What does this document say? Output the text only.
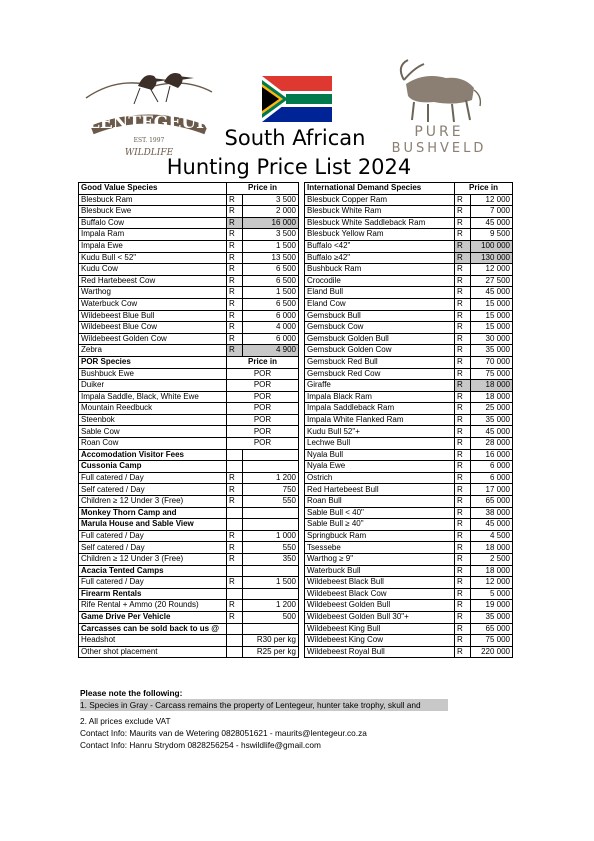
LENTEGEUR
EST. 1997
WILDLIFE
PURE
BUSHVELD
South African
Hunting Price List 2024
Good Value Species	Price in			International Demand Species	Price in	
Blesbuck Ram	R	3 500		Blesbuck Copper Ram	R	12 000
Blesbuck Ewe	R	2 000		Blesbuck White Ram	R	7 000
Buffalo Cow	R	16 000		Blesbuck White Saddleback Ram	R	45 000
Impala Ram	R	3 500		Blesbuck Yellow Ram	R	9 500
Impala Ewe	R	1 500		Buffalo <42"	R	100 000
Kudu Bull < 52"	R	13 500		Buffalo ≥42"	R	130 000
Kudu Cow	R	6 500		Bushbuck Ram	R	12 000
Red Hartebeest Cow	R	6 500		Crocodile	R	27 500
Warthog	R	1 500		Eland Bull	R	45 000
Waterbuck Cow	R	6 500		Eland Cow	R	15 000
Wildebeest Blue Bull	R	6 000		Gemsbuck Bull	R	15 000
Wildebeest Blue Cow	R	4 000		Gemsbuck Cow	R	15 000
Wildebeest Golden Cow	R	6 000		Gemsbuck Golden Bull	R	30 000
Zebra	R	4 900		Gemsbuck Golden Cow	R	35 000
POR Species	Price in			Gemsbuck Red Bull	R	70 000
Bushbuck Ewe	POR			Gemsbuck Red Cow	R	75 000
Duiker	POR			Giraffe	R	18 000
Impala Saddle, Black, White Ewe	POR			Impala Black Ram	R	18 000
Mountain Reedbuck	POR			Impala Saddleback Ram	R	25 000
Steenbok	POR			Impala White Flanked Ram	R	35 000
Sable Cow	POR			Kudu Bull 52"+	R	45 000
Roan Cow	POR			Lechwe Bull	R	28 000
Accomodation Visitor Fees				Nyala Bull	R	16 000
Cussonia Camp				Nyala Ewe	R	6 000
Full catered / Day	R	1 200		Ostrich	R	6 000
Self catered / Day	R	750		Red Hartebeest Bull	R	17 000
Children ≥ 12 Under 3 (Free)	R	550		Roan Bull	R	65 000
Monkey Thorn Camp and				Sable Bull < 40"	R	38 000
Marula House and Sable View				Sable Bull ≥ 40"	R	45 000
Full catered / Day	R	1 000		Springbuck Ram	R	4 500
Self catered / Day	R	550		Tsessebe	R	18 000
Children ≥ 12 Under 3 (Free)	R	350		Warthog ≥ 9"	R	2 500
Acacia Tented Camps				Waterbuck Bull	R	18 000
Full catered / Day	R	1 500		Wildebeest Black Bull	R	12 000
Firearm Rentals				Wildebeest Black Cow	R	5 000
Rife Rental + Ammo (20 Rounds)	R	1 200		Wildebeest Golden Bull	R	19 000
Game Drive Per Vehicle	R	500		Wildebeest Golden Bull 30"+	R	35 000
Carcasses can be sold back to us @				Wildebeest King Bull	R	65 000
Headshot		R30 per kg		Wildebeest King Cow	R	75 000
Other shot placement		R25 per kg		Wildebeest Royal Bull	R	220 000
Please note the following:
1. Species in Gray - Carcass remains the property of Lentegeur, hunter take trophy, skull and
2. All prices exclude VAT
Contact Info: Maurits van de Wetering 0828051621 - maurits@lentegeur.co.za
Contact Info: Hanru Strydom 0828256254 - hswildlife@gmail.com
